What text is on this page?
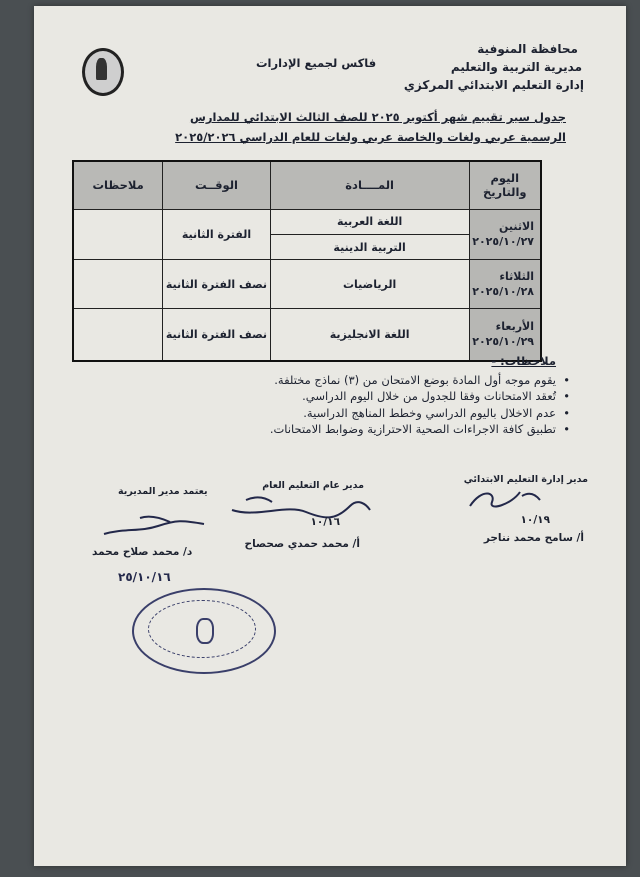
محافظة المنوفية
مديرية التربية والتعليم
إدارة التعليم الابتدائي المركزي
فاكس لجميع الإدارات
جدول سير تقييم شهر أكتوبر ٢٠٢٥ للصف الثالث الابتدائي للمدارس
الرسمية عربي ولغات والخاصة عربي ولغات للعام الدراسي ٢٠٢٥/٢٠٢٦
اليوم والتاريخ	المــــادة	الوقــت	ملاحظات

الاثنين
٢٠٢٥/١٠/٢٧	اللغة العربية	الفترة الثانية	
	التربية الدينية		

الثلاثاء
٢٠٢٥/١٠/٢٨	الرياضيات	نصف الفترة الثانية	

الأربعاء
٢٠٢٥/١٠/٢٩	اللغة الانجليزية	نصف الفترة الثانية	
ملاحظات: -
• يقوم موجه أول المادة بوضع الامتحان من (٣) نماذج مختلفة.
• تُعقد الامتحانات وفقا للجدول من خلال اليوم الدراسي.
• عدم الاخلال باليوم الدراسي وخطط المناهج الدراسية.
• تطبيق كافة الاجراءات الصحية الاحترازية وضوابط الامتحانات.
مدير إدارة التعليم الابتدائي
١٠/١٩
أ/ سامح محمد نناجر
مدير عام التعليم العام
١٠/١٦
أ/ محمد حمدي صحصاح
يعتمد مدير المديرية
د/ محمد صلاح محمد
٢٥/١٠/١٦
